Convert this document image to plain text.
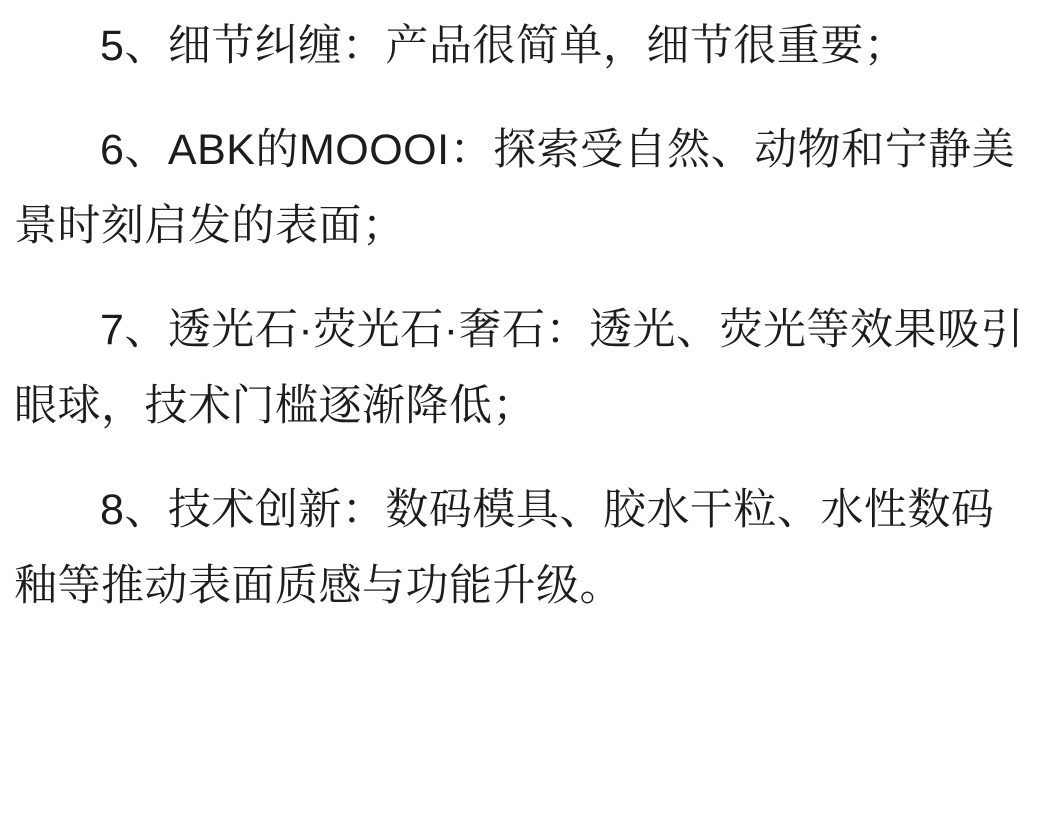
5、细节纠缠：产品很简单，细节很重要；

6、ABK的MOOOI：探索受自然、动物和宁静美景时刻启发的表面；

7、透光石·荧光石·奢石：透光、荧光等效果吸引眼球，技术门槛逐渐降低；

8、技术创新：数码模具、胶水干粒、水性数码釉等推动表面质感与功能升级。
